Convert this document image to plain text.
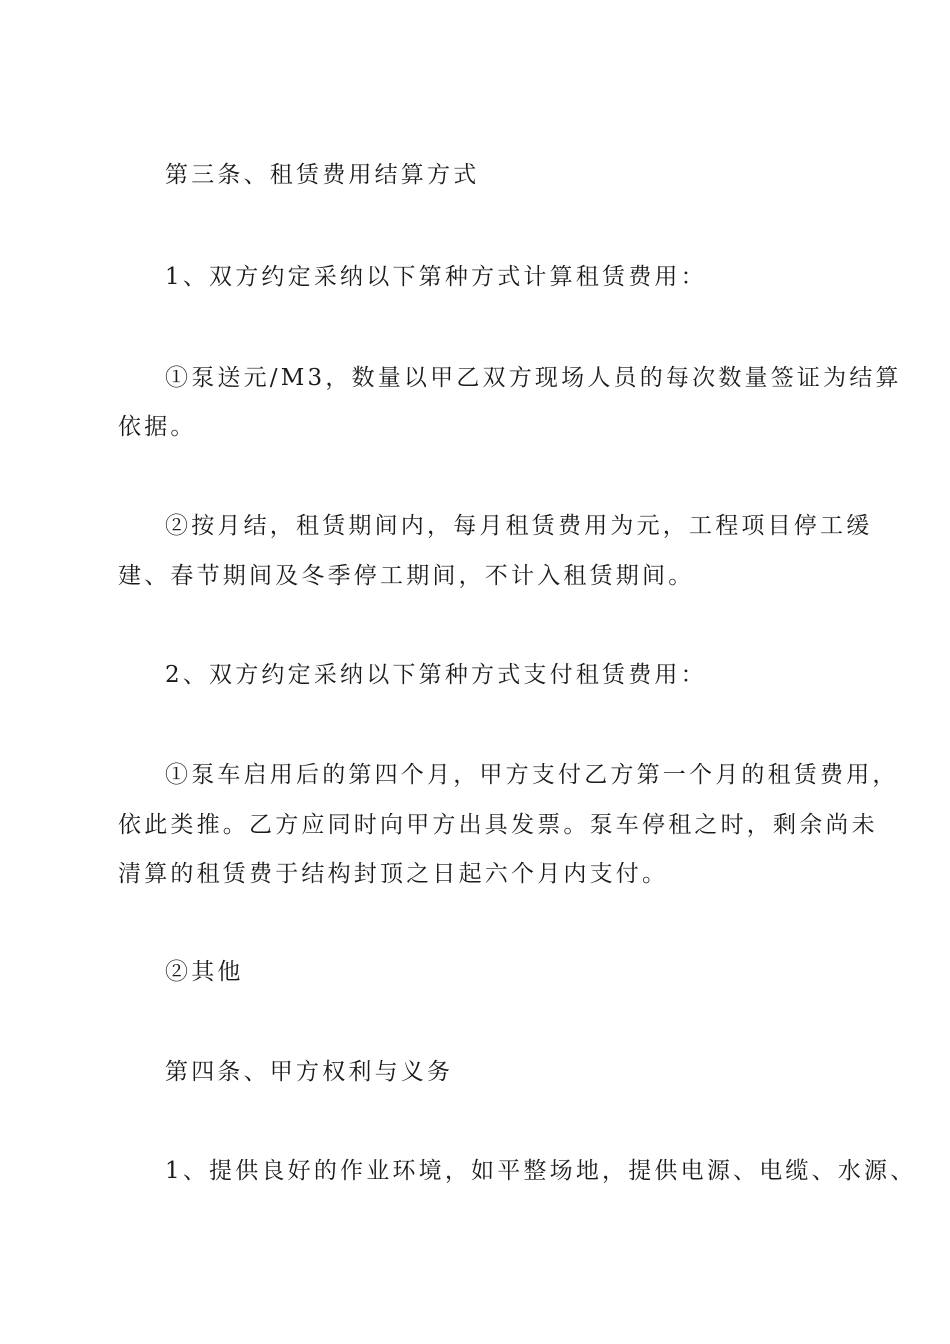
第三条、租赁费用结算方式
1、双方约定采纳以下第种方式计算租赁费用：
①泵送元/M3，数量以甲乙双方现场人员的每次数量签证为结算
依据。
②按月结，租赁期间内，每月租赁费用为元，工程项目停工缓
建、春节期间及冬季停工期间，不计入租赁期间。
2、双方约定采纳以下第种方式支付租赁费用：
①泵车启用后的第四个月，甲方支付乙方第一个月的租赁费用，
依此类推。乙方应同时向甲方出具发票。泵车停租之时，剩余尚未
清算的租赁费于结构封顶之日起六个月内支付。
②其他
第四条、甲方权利与义务
1、提供良好的作业环境，如平整场地，提供电源、电缆、水源、
